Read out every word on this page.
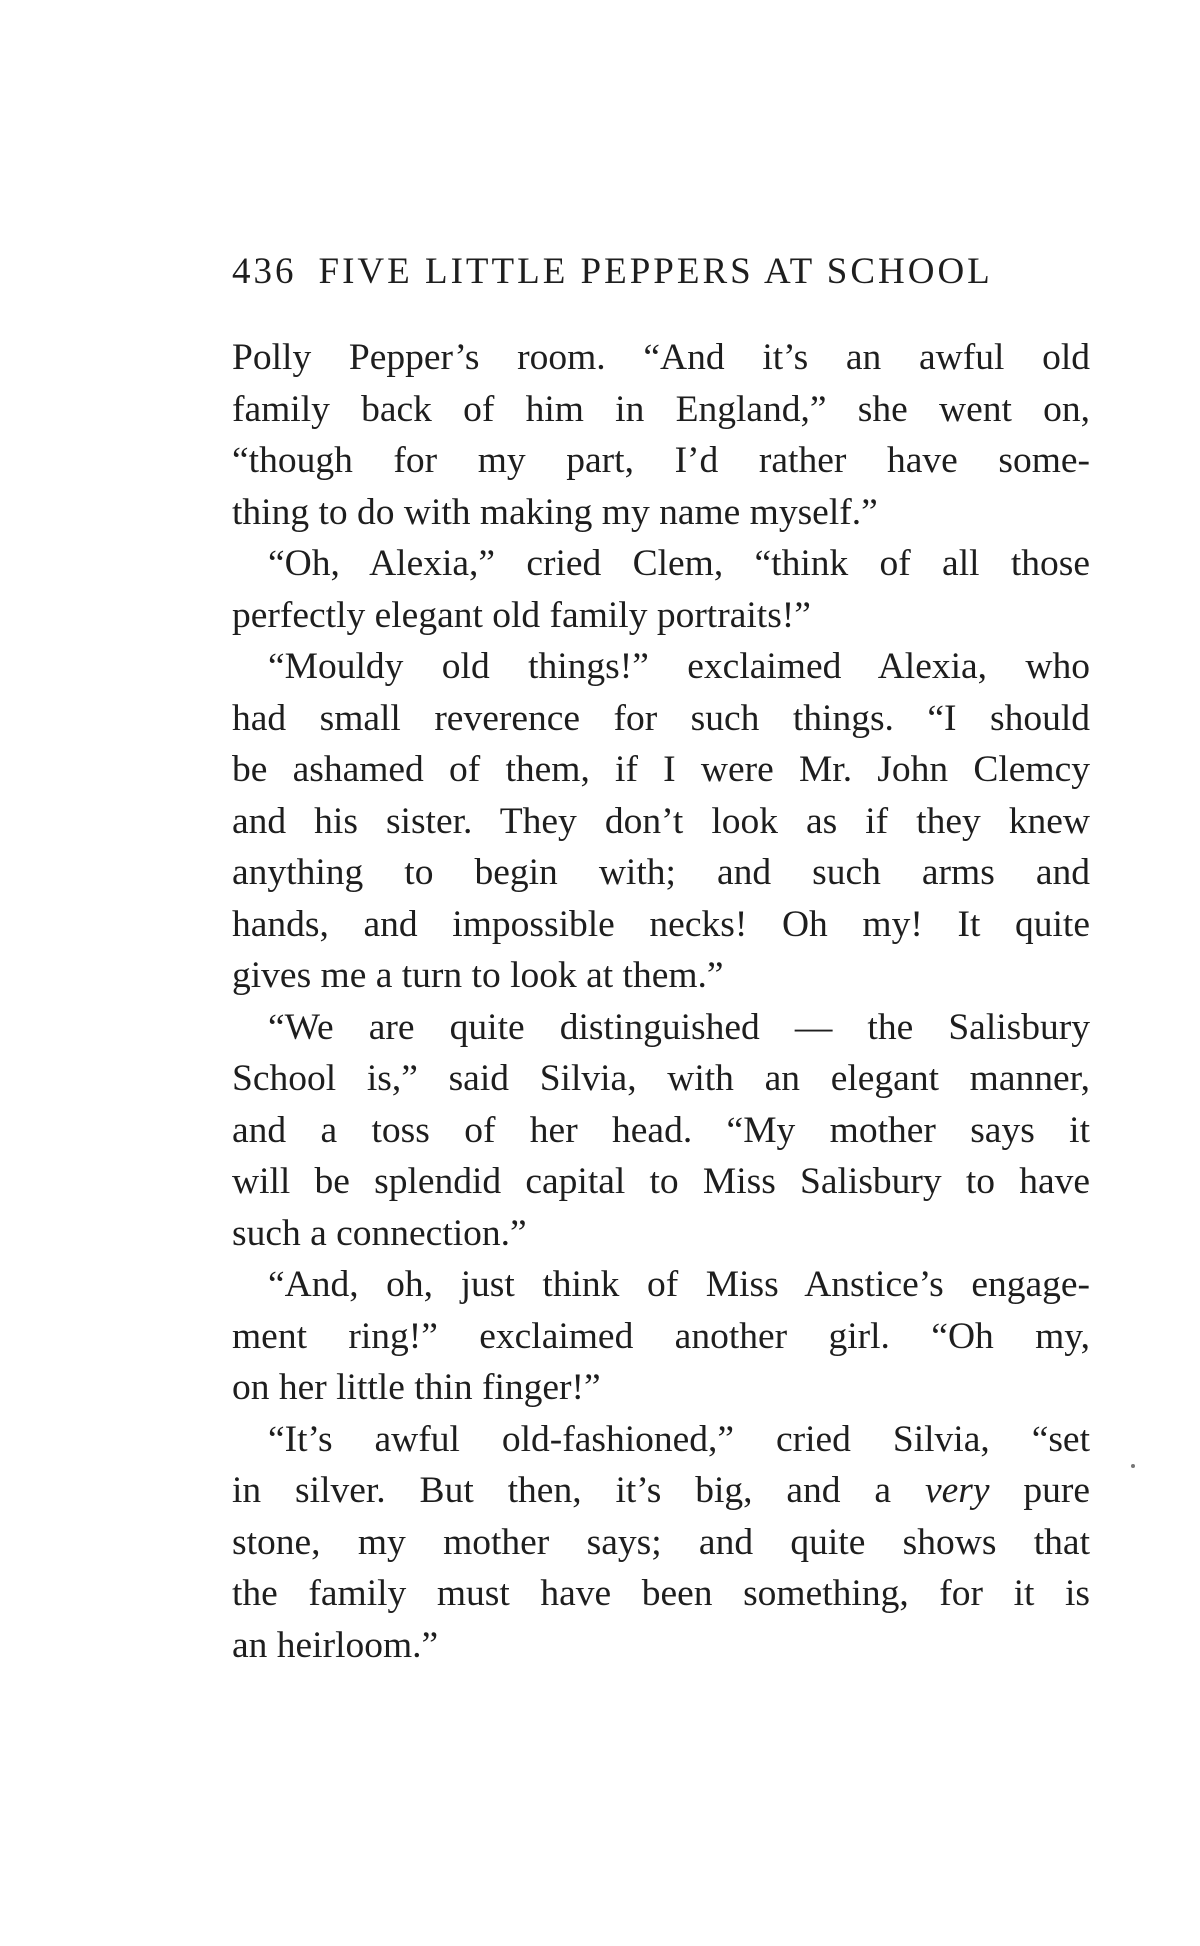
436 FIVE LITTLE PEPPERS AT SCHOOL
Polly Pepper’s room. “And it’s an awful old
family back of him in England,” she went on,
“though for my part, I’d rather have some-
thing to do with making my name myself.”
“Oh, Alexia,” cried Clem, “think of all those
perfectly elegant old family portraits!”
“Mouldy old things!” exclaimed Alexia, who
had small reverence for such things. “I should
be ashamed of them, if I were Mr. John Clemcy
and his sister. They don’t look as if they knew
anything to begin with; and such arms and
hands, and impossible necks! Oh my! It quite
gives me a turn to look at them.”
“We are quite distinguished — the Salisbury
School is,” said Silvia, with an elegant manner,
and a toss of her head. “My mother says it
will be splendid capital to Miss Salisbury to have
such a connection.”
“And, oh, just think of Miss Anstice’s engage-
ment ring!” exclaimed another girl. “Oh my,
on her little thin finger!”
“It’s awful old-fashioned,” cried Silvia, “set
in silver. But then, it’s big, and a very pure
stone, my mother says; and quite shows that
the family must have been something, for it is
an heirloom.”
